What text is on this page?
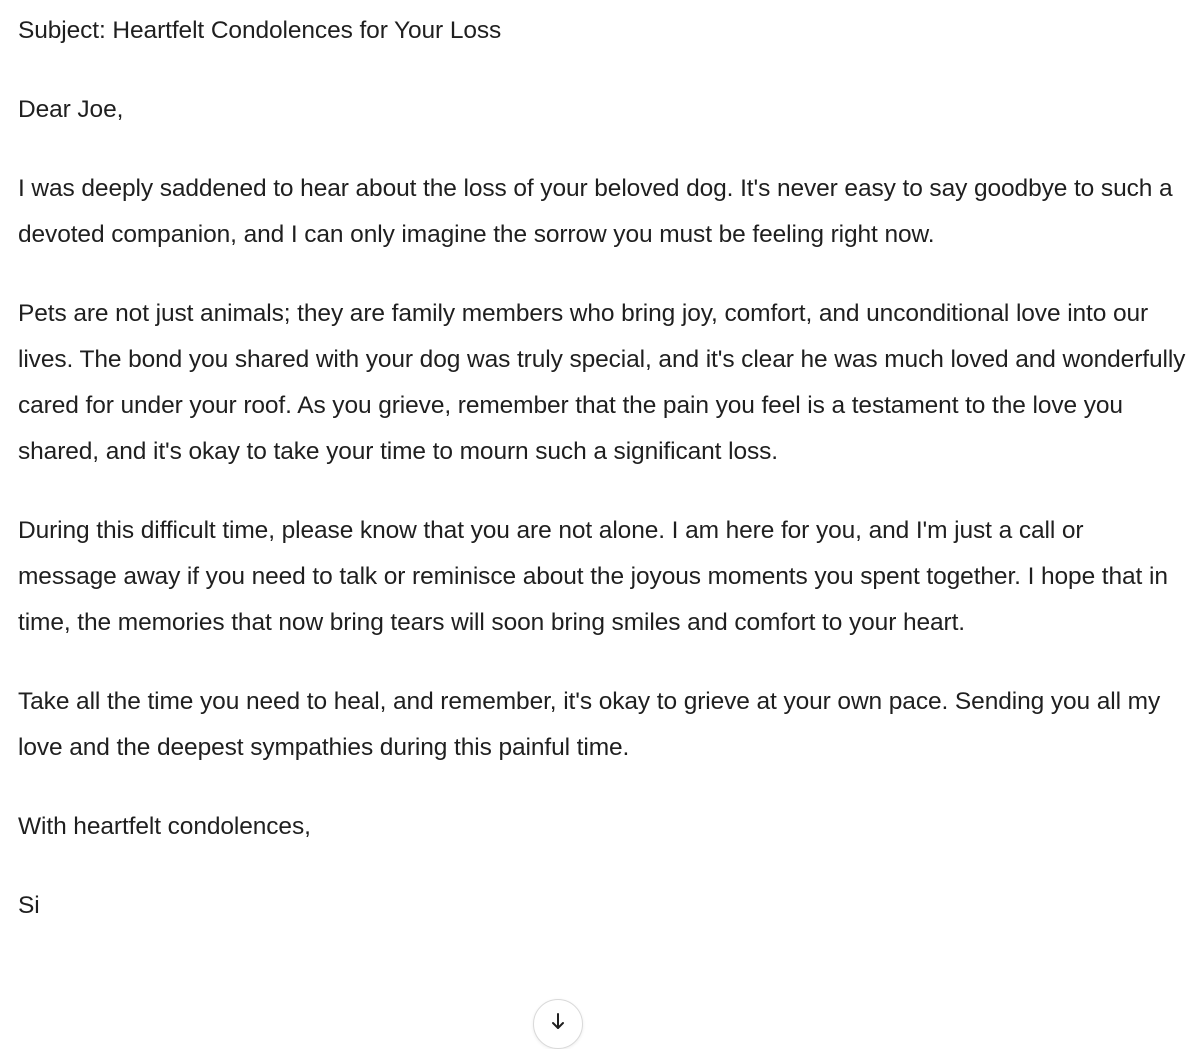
Subject: Heartfelt Condolences for Your Loss

Dear Joe,

I was deeply saddened to hear about the loss of your beloved dog. It's never easy to say goodbye to such a devoted companion, and I can only imagine the sorrow you must be feeling right now.

Pets are not just animals; they are family members who bring joy, comfort, and unconditional love into our lives. The bond you shared with your dog was truly special, and it's clear he was much loved and wonderfully cared for under your roof. As you grieve, remember that the pain you feel is a testament to the love you shared, and it's okay to take your time to mourn such a significant loss.

During this difficult time, please know that you are not alone. I am here for you, and I'm just a call or message away if you need to talk or reminisce about the joyous moments you spent together. I hope that in time, the memories that now bring tears will soon bring smiles and comfort to your heart.

Take all the time you need to heal, and remember, it's okay to grieve at your own pace. Sending you all my love and the deepest sympathies during this painful time.

With heartfelt condolences,

Si
